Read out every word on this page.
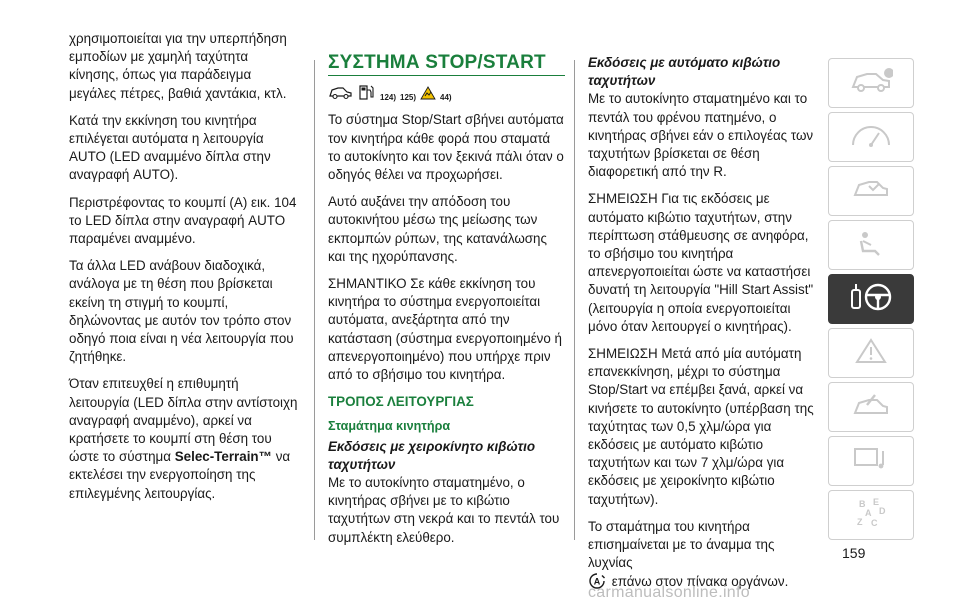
χρησιμοποιείται για την υπερπήδηση εμποδίων με χαμηλή ταχύτητα κίνησης, όπως για παράδειγμα μεγάλες πέτρες, βαθιά χαντάκια, κτλ.

Κατά την εκκίνηση του κινητήρα επιλέγεται αυτόματα η λειτουργία AUTO (LED αναμμένο δίπλα στην αναγραφή AUTO).

Περιστρέφοντας το κουμπί (A) εικ. 104 το LED δίπλα στην αναγραφή AUTO παραμένει αναμμένο.

Τα άλλα LED ανάβουν διαδοχικά, ανάλογα με τη θέση που βρίσκεται εκείνη τη στιγμή το κουμπί, δηλώνοντας με αυτόν τον τρόπο στον οδηγό ποια είναι η νέα λειτουργία που ζητήθηκε.

Όταν επιτευχθεί η επιθυμητή λειτουργία (LED δίπλα στην αντίστοιχη αναγραφή αναμμένο), αρκεί να κρατήσετε το κουμπί στη θέση του ώστε το σύστημα Selec-Terrain™ να εκτελέσει την ενεργοποίηση της επιλεγμένης λειτουργίας.

ΣΥΣΤΗΜΑ STOP/START
124) 125)	44)

Το σύστημα Stop/Start σβήνει αυτόματα τον κινητήρα κάθε φορά που σταματά το αυτοκίνητο και τον ξεκινά πάλι όταν ο οδηγός θέλει να προχωρήσει.

Αυτό αυξάνει την απόδοση του αυτοκινήτου μέσω της μείωσης των εκπομπών ρύπων, της κατανάλωσης και της ηχορύπανσης.

ΣΗΜΑΝΤΙΚΟ Σε κάθε εκκίνηση του κινητήρα το σύστημα ενεργοποιείται αυτόματα, ανεξάρτητα από την κατάσταση (σύστημα ενεργοποιημένο ή απενεργοποιημένο) που υπήρχε πριν από το σβήσιμο του κινητήρα.

ΤΡΟΠΟΣ ΛΕΙΤΟΥΡΓΙΑΣ
Σταμάτημα κινητήρα
Εκδόσεις με χειροκίνητο κιβώτιο ταχυτήτων

Με το αυτοκίνητο σταματημένο, ο κινητήρας σβήνει με το κιβώτιο ταχυτήτων στη νεκρά και το πεντάλ του συμπλέκτη ελεύθερο.

Εκδόσεις με αυτόματο κιβώτιο ταχυτήτων

Με το αυτοκίνητο σταματημένο και το πεντάλ του φρένου πατημένο, ο κινητήρας σβήνει εάν ο επιλογέας των ταχυτήτων βρίσκεται σε θέση διαφορετική από την R.

ΣΗΜΕΙΩΣΗ Για τις εκδόσεις με αυτόματο κιβώτιο ταχυτήτων, στην περίπτωση στάθμευσης σε ανηφόρα, το σβήσιμο του κινητήρα απενεργοποιείται ώστε να καταστήσει δυνατή τη λειτουργία "Hill Start Assist" (λειτουργία η οποία ενεργοποιείται μόνο όταν λειτουργεί ο κινητήρας).

ΣΗΜΕΙΩΣΗ Μετά από μία αυτόματη επανεκκίνηση, μέχρι το σύστημα Stop/Start να επέμβει ξανά, αρκεί να κινήσετε το αυτοκίνητο (υπέρβαση της ταχύτητας των 0,5 χλμ/ώρα για εκδόσεις με αυτόματο κιβώτιο ταχυτήτων και των 7 χλμ/ώρα για εκδόσεις με χειροκίνητο κιβώτιο ταχυτήτων).

Το σταμάτημα του κινητήρα επισημαίνεται με το άναμμα της λυχνίας

A επάνω στον πίνακα οργάνων.

B E
A D
Z C
159
carmanualsonline.info
